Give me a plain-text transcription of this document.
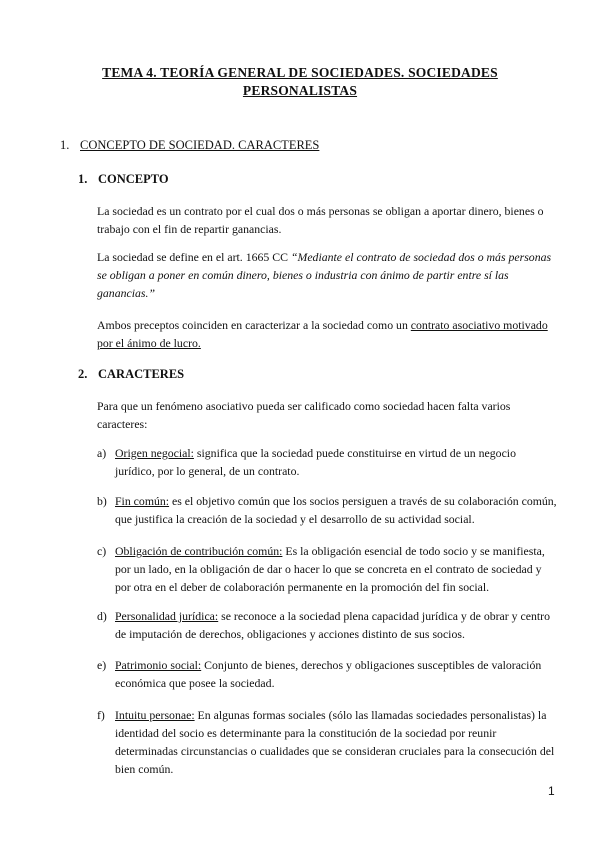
TEMA 4. TEORÍA GENERAL DE SOCIEDADES. SOCIEDADES
PERSONALISTAS
1. CONCEPTO DE SOCIEDAD. CARACTERES
1. CONCEPTO
La sociedad es un contrato por el cual dos o más personas se obligan a aportar dinero, bienes o trabajo con el fin de repartir ganancias.
La sociedad se define en el art. 1665 CC “Mediante el contrato de sociedad dos o más personas se obligan a poner en común dinero, bienes o industria con ánimo de partir entre sí las ganancias.”
Ambos preceptos coinciden en caracterizar a la sociedad como un contrato asociativo motivado por el ánimo de lucro.
2. CARACTERES
Para que un fenómeno asociativo pueda ser calificado como sociedad hacen falta varios caracteres:
a) Origen negocial: significa que la sociedad puede constituirse en virtud de un negocio jurídico, por lo general, de un contrato.
b) Fin común: es el objetivo común que los socios persiguen a través de su colaboración común, que justifica la creación de la sociedad y el desarrollo de su actividad social.
c) Obligación de contribución común: Es la obligación esencial de todo socio y se manifiesta, por un lado, en la obligación de dar o hacer lo que se concreta en el contrato de sociedad y por otra en el deber de colaboración permanente en la promoción del fin social.
d) Personalidad jurídica: se reconoce a la sociedad plena capacidad jurídica y de obrar y centro de imputación de derechos, obligaciones y acciones distinto de sus socios.
e) Patrimonio social: Conjunto de bienes, derechos y obligaciones susceptibles de valoración económica que posee la sociedad.
f) Intuitu personae: En algunas formas sociales (sólo las llamadas sociedades personalistas) la identidad del socio es determinante para la constitución de la sociedad por reunir determinadas circunstancias o cualidades que se consideran cruciales para la consecución del bien común.
1
